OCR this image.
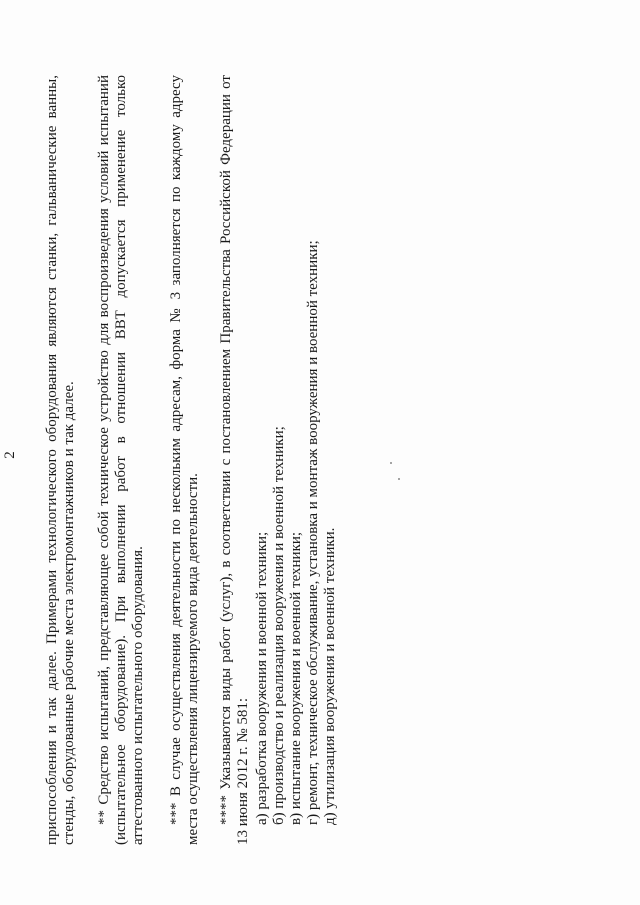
2 приспособления и так далее. Примерами технологического оборудования являются станки, гальванические ванны, стенды, оборудованные рабочие места электромонтажников и так далее. ** Средство испытаний, представляющее собой техническое устройство для воспроизведения условий испытаний (испытательное оборудование). При выполнении работ в отношении ВВТ допускается применение только аттестованного испытательного оборудования. *** В случае осуществления деятельности по нескольким адресам, форма № 3 заполняется по каждому адресу места осуществления лицензируемого вида деятельности. **** Указываются виды работ (услуг), в соответствии с постановлением Правительства Российской Федерации от 13 июня 2012 г. № 581: а) разработка вооружения и военной техники; б) производство и реализация вооружения и военной техники; в) испытание вооружения и военной техники; г) ремонт, техническое обслуживание, установка и монтаж вооружения и военной техники; д) утилизация вооружения и военной техники.
